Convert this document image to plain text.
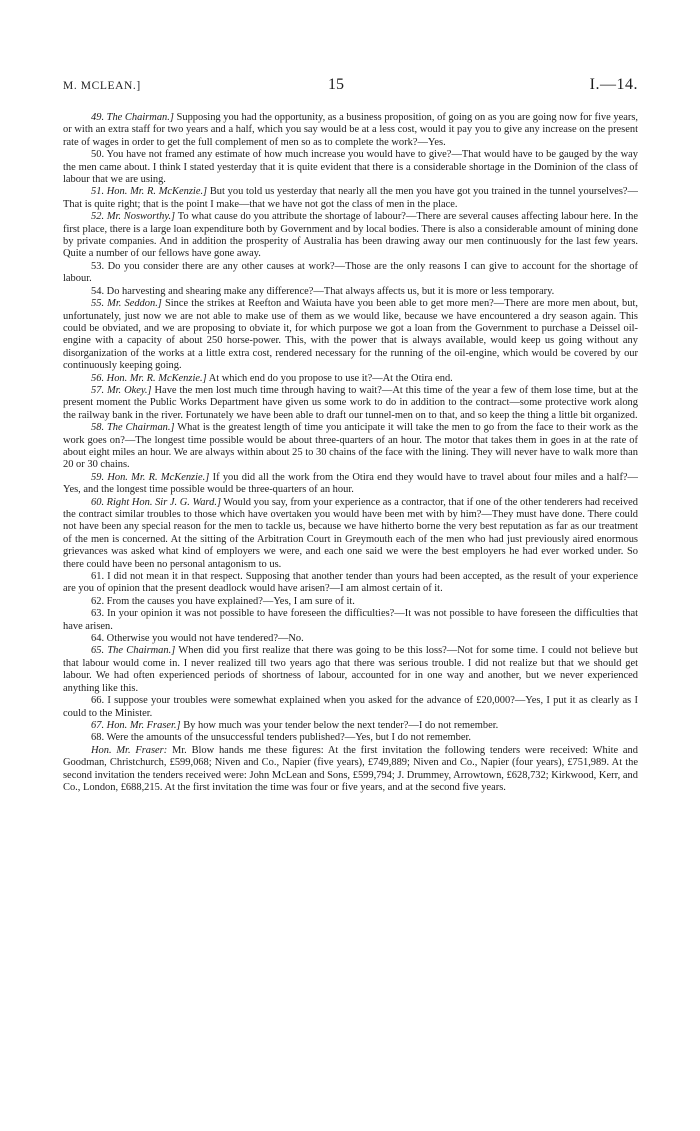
M. MCLEAN.]	15	I.—14.

49. The Chairman.] Supposing you had the opportunity, as a business proposition, of going on as you are going now for five years, or with an extra staff for two years and a half, which you say would be at a less cost, would it pay you to give any increase on the present rate of wages in order to get the full complement of men so as to complete the work?—Yes.

50. You have not framed any estimate of how much increase you would have to give?—That would have to be gauged by the way the men came about. I think I stated yesterday that it is quite evident that there is a considerable shortage in the Dominion of the class of labour that we are using.

51. Hon. Mr. R. McKenzie.] But you told us yesterday that nearly all the men you have got you trained in the tunnel yourselves?—That is quite right; that is the point I make—that we have not got the class of men in the place.

52. Mr. Nosworthy.] To what cause do you attribute the shortage of labour?—There are several causes affecting labour here. In the first place, there is a large loan expenditure both by Government and by local bodies. There is also a considerable amount of mining done by private companies. And in addition the prosperity of Australia has been drawing away our men continuously for the last few years. Quite a number of our fellows have gone away.

53. Do you consider there are any other causes at work?—Those are the only reasons I can give to account for the shortage of labour.

54. Do harvesting and shearing make any difference?—That always affects us, but it is more or less temporary.

55. Mr. Seddon.] Since the strikes at Reefton and Waiuta have you been able to get more men?—There are more men about, but, unfortunately, just now we are not able to make use of them as we would like, because we have encountered a dry season again. This could be obviated, and we are proposing to obviate it, for which purpose we got a loan from the Government to purchase a Deissel oil-engine with a capacity of about 250 horse-power. This, with the power that is always available, would keep us going without any disorganization of the works at a little extra cost, rendered necessary for the running of the oil-engine, which would be covered by our continuously keeping going.

56. Hon. Mr. R. McKenzie.] At which end do you propose to use it?—At the Otira end.

57. Mr. Okey.] Have the men lost much time through having to wait?—At this time of the year a few of them lose time, but at the present moment the Public Works Department have given us some work to do in addition to the contract—some protective work along the railway bank in the river. Fortunately we have been able to draft our tunnel-men on to that, and so keep the thing a little bit organized.

58. The Chairman.] What is the greatest length of time you anticipate it will take the men to go from the face to their work as the work goes on?—The longest time possible would be about three-quarters of an hour. The motor that takes them in goes in at the rate of about eight miles an hour. We are always within about 25 to 30 chains of the face with the lining. They will never have to walk more than 20 or 30 chains.

59. Hon. Mr. R. McKenzie.] If you did all the work from the Otira end they would have to travel about four miles and a half?—Yes, and the longest time possible would be three-quarters of an hour.

60. Right Hon. Sir J. G. Ward.] Would you say, from your experience as a contractor, that if one of the other tenderers had received the contract similar troubles to those which have overtaken you would have been met with by him?—They must have done. There could not have been any special reason for the men to tackle us, because we have hitherto borne the very best reputation as far as our treatment of the men is concerned. At the sitting of the Arbitration Court in Greymouth each of the men who had just previously aired enormous grievances was asked what kind of employers we were, and each one said we were the best employers he had ever worked under. So there could have been no personal antagonism to us.

61. I did not mean it in that respect. Supposing that another tender than yours had been accepted, as the result of your experience are you of opinion that the present deadlock would have arisen?—I am almost certain of it.

62. From the causes you have explained?—Yes, I am sure of it.

63. In your opinion it was not possible to have foreseen the difficulties?—It was not possible to have foreseen the difficulties that have arisen.

64. Otherwise you would not have tendered?—No.

65. The Chairman.] When did you first realize that there was going to be this loss?—Not for some time. I could not believe but that labour would come in. I never realized till two years ago that there was serious trouble. I did not realize but that we should get labour. We had often experienced periods of shortness of labour, accounted for in one way and another, but we never experienced anything like this.

66. I suppose your troubles were somewhat explained when you asked for the advance of £20,000?—Yes, I put it as clearly as I could to the Minister.

67. Hon. Mr. Fraser.] By how much was your tender below the next tender?—I do not remember.

68. Were the amounts of the unsuccessful tenders published?—Yes, but I do not remember.

Hon. Mr. Fraser: Mr. Blow hands me these figures: At the first invitation the following tenders were received: White and Goodman, Christchurch, £599,068; Niven and Co., Napier (five years), £749,889; Niven and Co., Napier (four years), £751,989. At the second invitation the tenders received were: John McLean and Sons, £599,794; J. Drummey, Arrowtown, £628,732; Kirkwood, Kerr, and Co., London, £688,215. At the first invitation the time was four or five years, and at the second five years.
